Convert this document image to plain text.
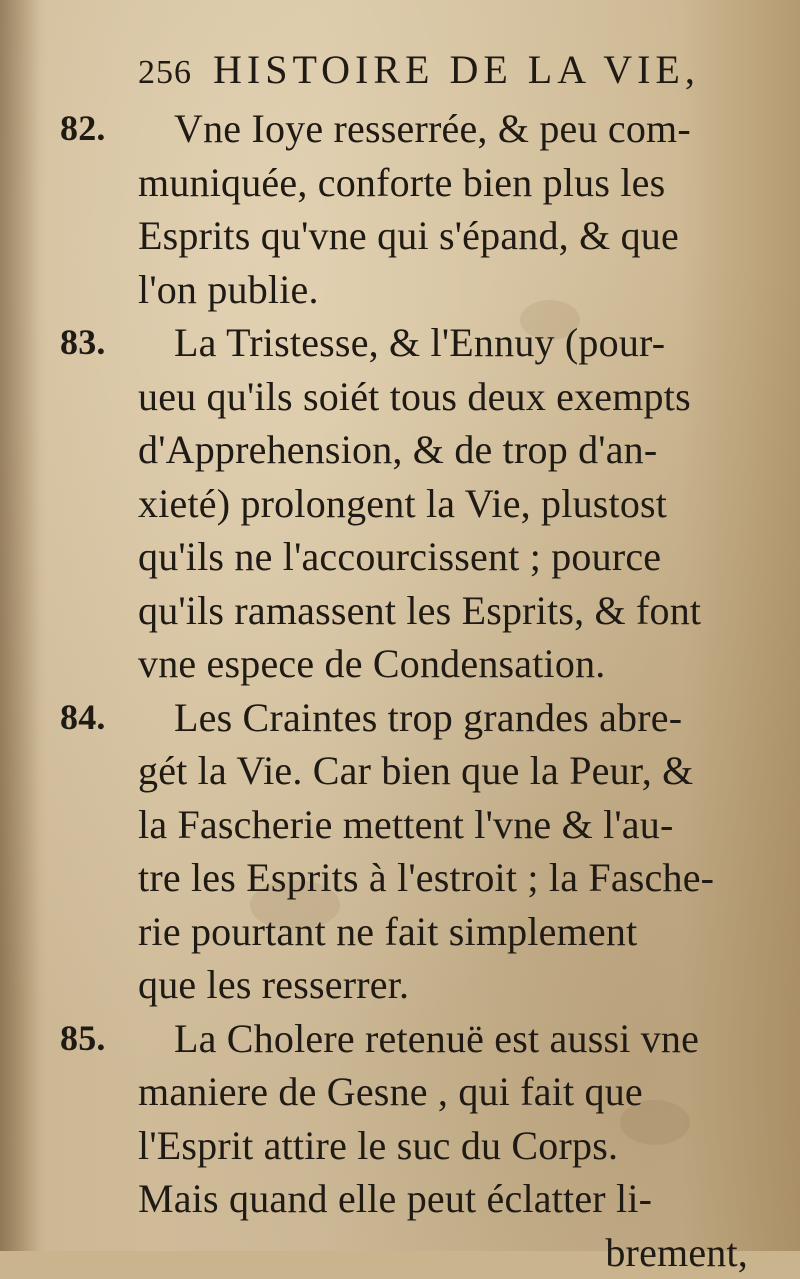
256 HISTOIRE DE LA VIE,
82. Vne Ioye resserrée, & peu com-
muniquée, conforte bien plus les
Esprits qu'vne qui s'épand, & que
l'on publie.
83. La Tristesse, & l'Ennuy (pour-
ueu qu'ils soiét tous deux exempts
d'Apprehension, & de trop d'an-
xieté) prolongent la Vie, plustost
qu'ils ne l'accourcissent ; pource
qu'ils ramassent les Esprits, & font
vne espece de Condensation.
84. Les Craintes trop grandes abre-
gét la Vie. Car bien que la Peur, &
la Fascherie mettent l'vne & l'au-
tre les Esprits à l'estroit ; la Fasche-
rie pourtant ne fait simplement
que les resserrer.
85. La Cholere retenuë est aussi vne
maniere de Gesne , qui fait que
l'Esprit attire le suc du Corps.
Mais quand elle peut éclatter li-
brement,
